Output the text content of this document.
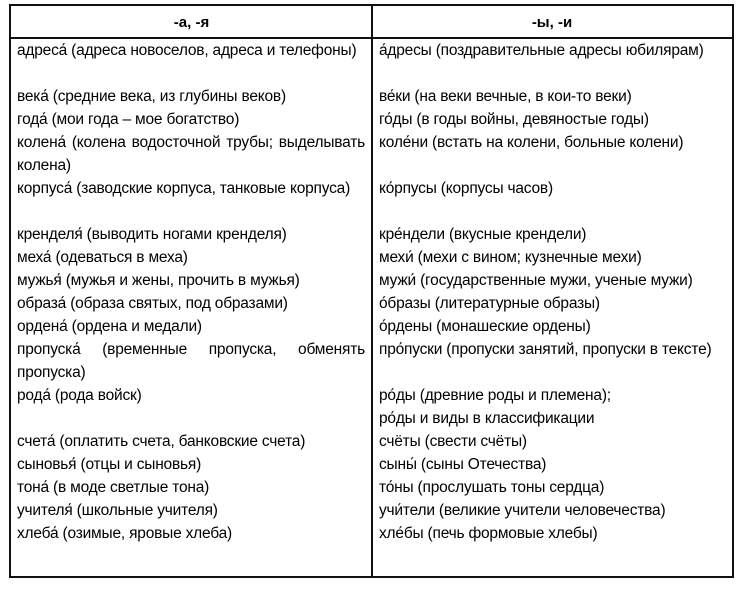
-а, -я	-ы, -и
адреса́ (адреса новоселов, адреса и телефоны)
века́ (средние века, из глубины веков)
года́ (мои года – мое богатство)
колена́ (колена водосточной трубы; выделывать колена)
корпуса́ (заводские корпуса, танковые корпуса)
кренделя́ (выводить ногами кренделя)
меха́ (одеваться в меха)
мужья́ (мужья и жены, прочить в мужья)
образа́ (образа святых, под образами)
ордена́ (ордена и медали)
пропуска́ (временные пропуска, обменять пропуска)
рода́ (рода войск)
счета́ (оплатить счета, банковские счета)
сыновья́ (отцы и сыновья)
тона́ (в моде светлые тона)
учителя́ (школьные учителя)
хлеба́ (озимые, яровые хлеба)
а́дресы (поздравительные адресы юбилярам)
ве́ки (на веки вечные, в кои-то веки)
го́ды (в годы войны, девяностые годы)
коле́ни (встать на колени, больные колени)
ко́рпусы (корпусы часов)
кре́ндели (вкусные крендели)
мехи́ (мехи с вином; кузнечные мехи)
мужи́ (государственные мужи, ученые мужи)
о́бразы (литературные образы)
о́рдены (монашеские ордены)
про́пуски (пропуски занятий, пропуски в тексте)
ро́ды (древние роды и племена);
ро́ды и виды в классификации
счёты (свести счёты)
сыны́ (сыны Отечества)
то́ны (прослушать тоны сердца)
учи́тели (великие учители человечества)
хле́бы (печь формовые хлебы)
